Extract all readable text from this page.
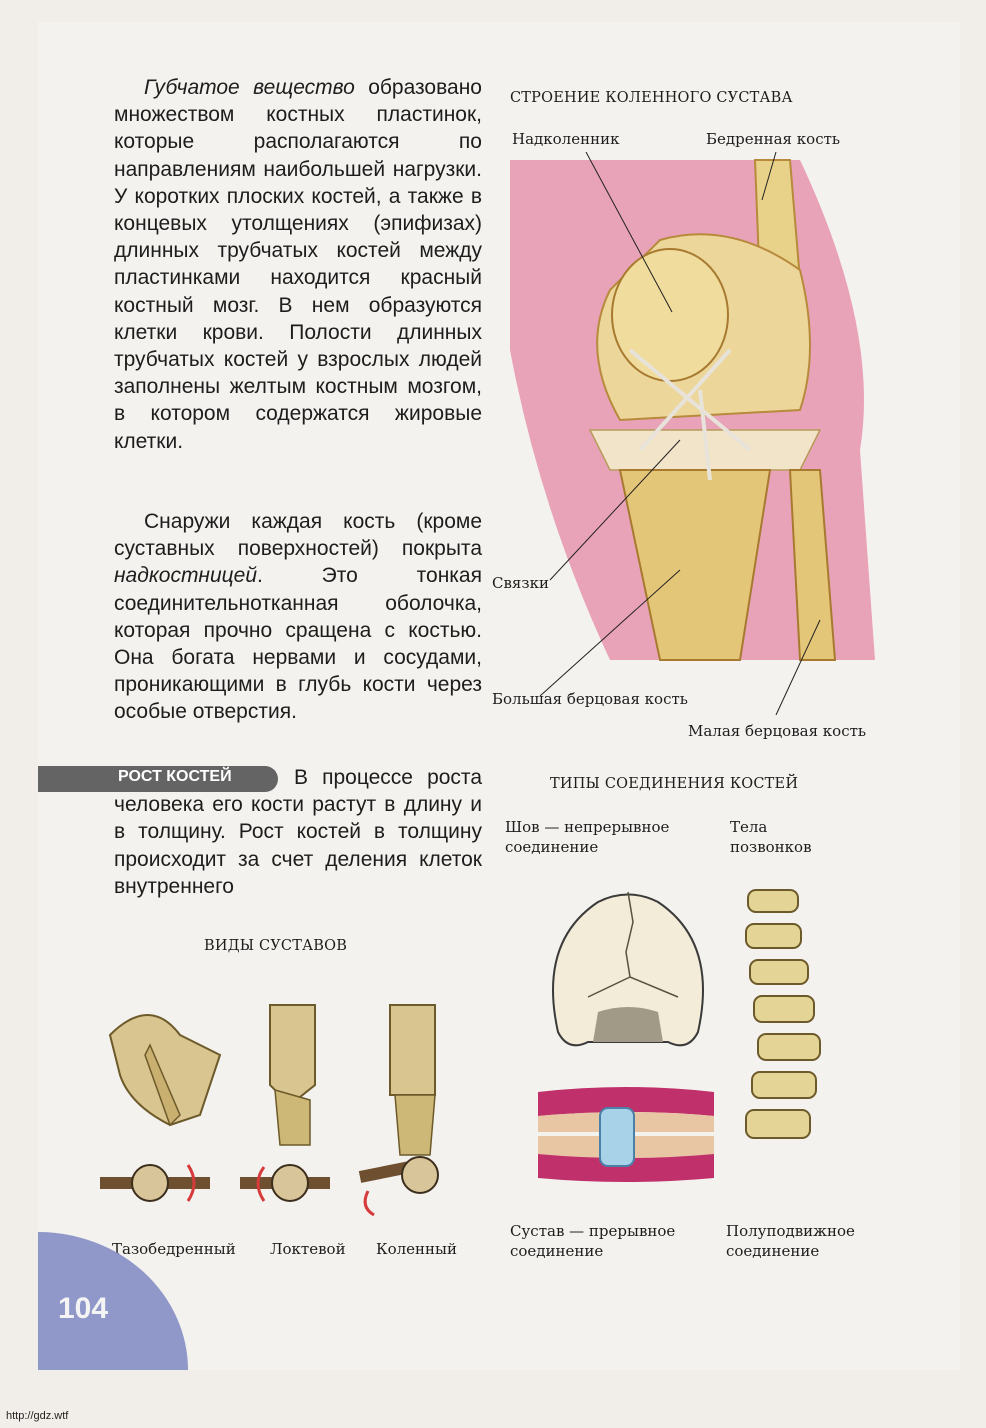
Губчатое вещество образовано множеством костных пластинок, которые располагаются по направлениям наибольшей нагрузки. У коротких плоских костей, а также в концевых утолщениях (эпифизах) длинных трубчатых костей между пластинками находится красный костный мозг. В нем образуются клетки крови. Полости длинных трубчатых костей у взрослых людей заполнены желтым костным мозгом, в котором содержатся жировые клетки.

Снаружи каждая кость (кроме суставных поверхностей) покрыта надкостницей. Это тонкая соединительнотканная оболочка, которая прочно сращена с костью. Она богата нервами и сосудами, проникающими в глубь кости через особые отверстия.

РОСТ КОСТЕЙ	В процессе роста человека его кости растут в длину и в толщину. Рост костей в толщину происходит за счет деления клеток внутреннего

СТРОЕНИЕ КОЛЕННОГО СУСТАВА
Надколенник	Бедренная кость
Связки
Большая берцовая кость
Малая берцовая кость
ВИДЫ СУСТАВОВ
Тазобедренный Локтевой Коленный
ТИПЫ СОЕДИНЕНИЯ КОСТЕЙ
Шов — непрерывное
соединение
Тела
позвонков
Сустав — прерывное
соединение
Полуподвижное
соединение
104
http://gdz.wtf
